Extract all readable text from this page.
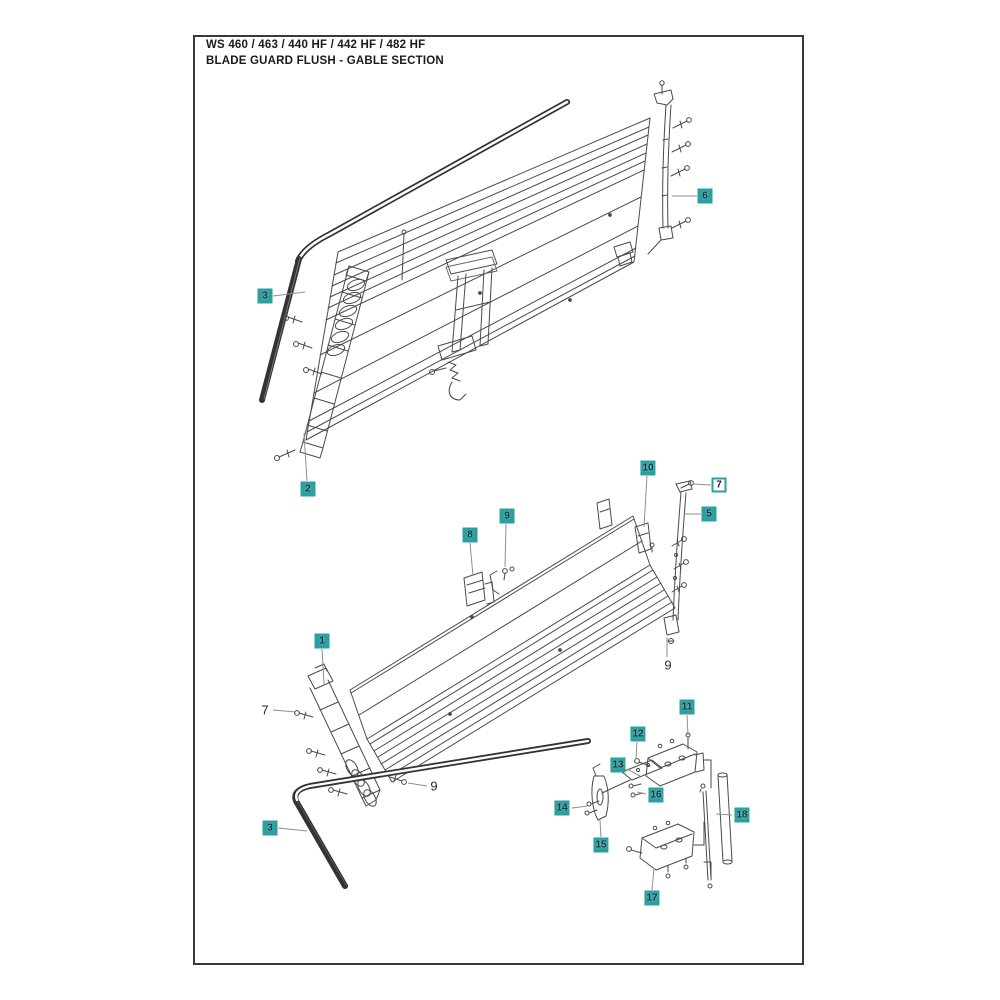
WS 460 / 463 / 440 HF / 442 HF / 482 HF
BLADE GUARD FLUSH - GABLE SECTION
3
2
6
10
7
5
9
8
1
7
9
3
9
11
12
13
16
14
15
17
18
